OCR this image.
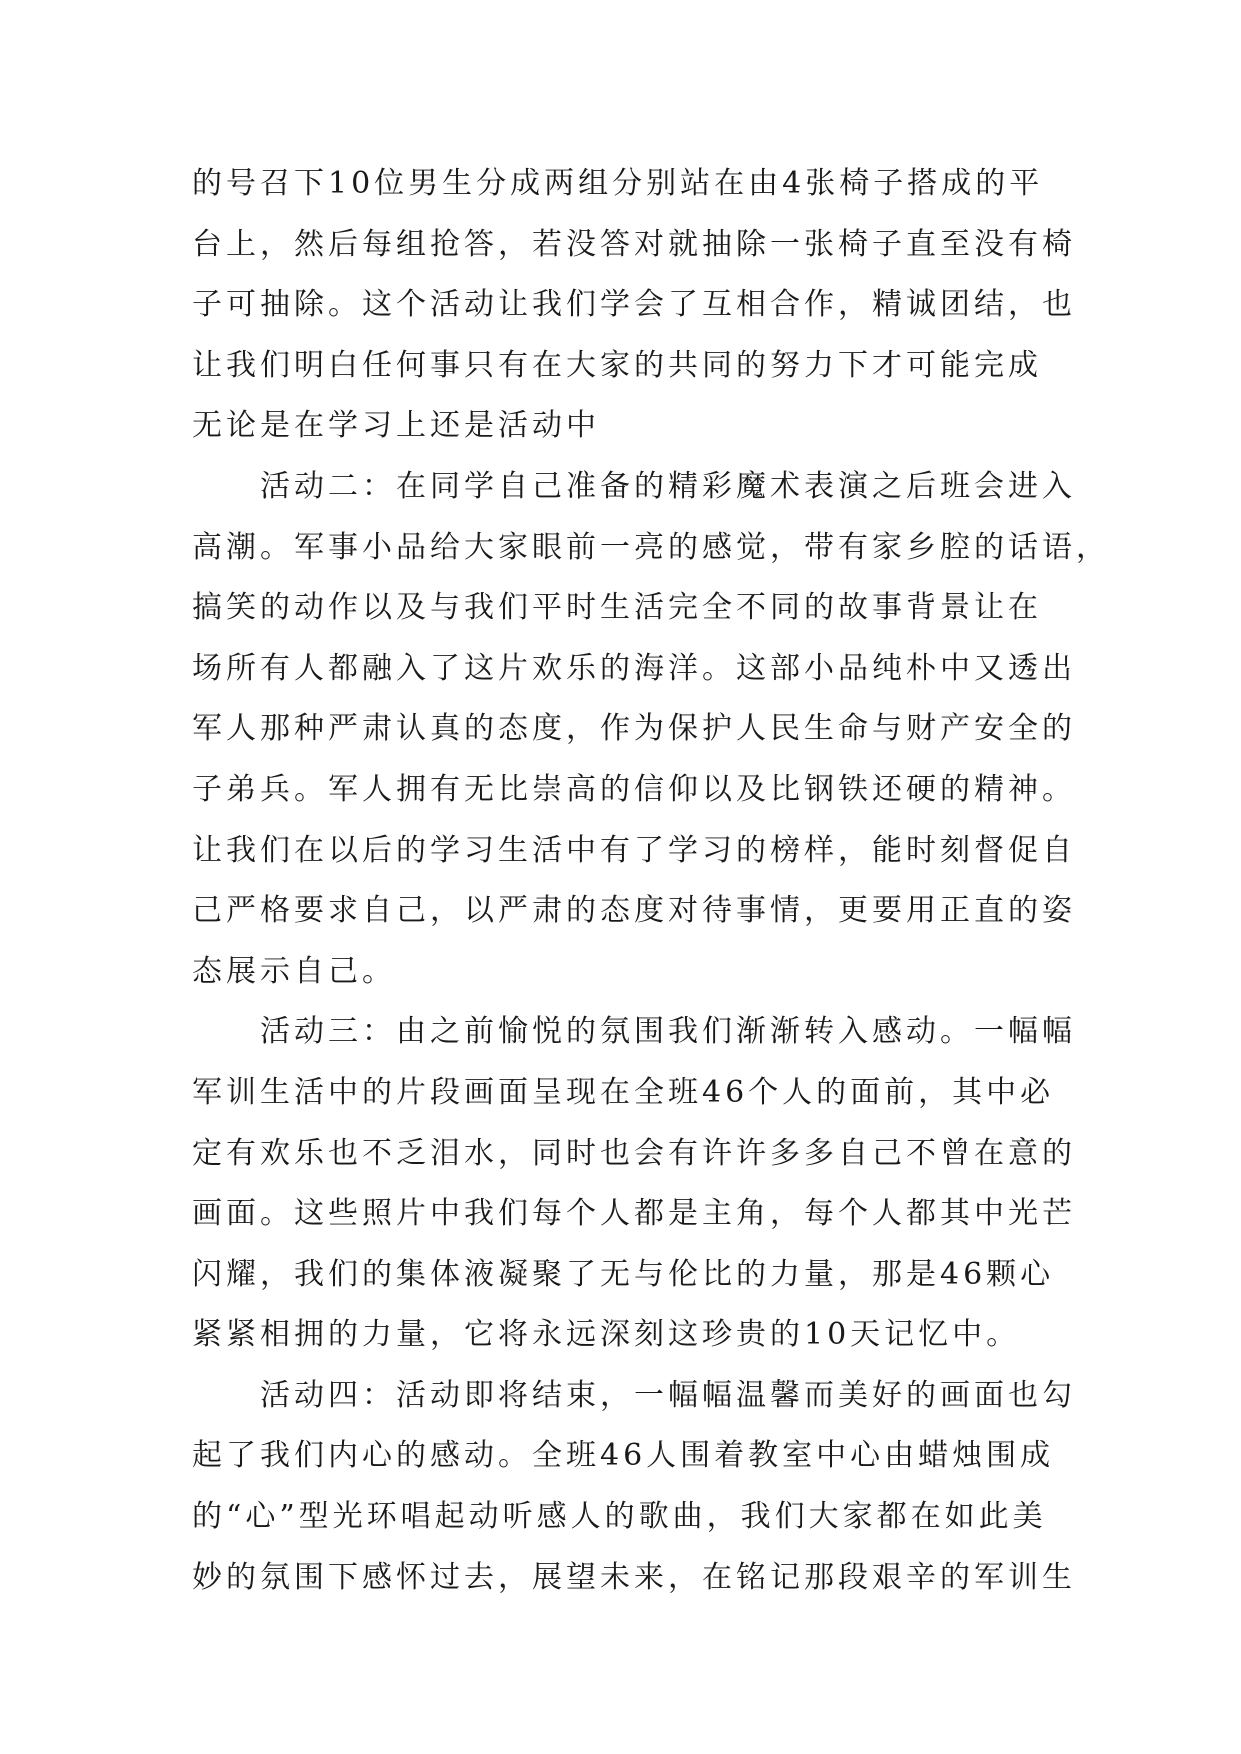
的号召下10位男生分成两组分别站在由4张椅子搭成的平
台上，然后每组抢答，若没答对就抽除一张椅子直至没有椅
子可抽除。这个活动让我们学会了互相合作，精诚团结，也
让我们明白任何事只有在大家的共同的努力下才可能完成
无论是在学习上还是活动中
　　活动二：在同学自己准备的精彩魔术表演之后班会进入
高潮。军事小品给大家眼前一亮的感觉，带有家乡腔的话语，
搞笑的动作以及与我们平时生活完全不同的故事背景让在
场所有人都融入了这片欢乐的海洋。这部小品纯朴中又透出
军人那种严肃认真的态度，作为保护人民生命与财产安全的
子弟兵。军人拥有无比崇高的信仰以及比钢铁还硬的精神。
让我们在以后的学习生活中有了学习的榜样，能时刻督促自
己严格要求自己，以严肃的态度对待事情，更要用正直的姿
态展示自己。
　　活动三：由之前愉悦的氛围我们渐渐转入感动。一幅幅
军训生活中的片段画面呈现在全班46个人的面前，其中必
定有欢乐也不乏泪水，同时也会有许许多多自己不曾在意的
画面。这些照片中我们每个人都是主角，每个人都其中光芒
闪耀，我们的集体液凝聚了无与伦比的力量，那是46颗心
紧紧相拥的力量，它将永远深刻这珍贵的10天记忆中。
　　活动四：活动即将结束，一幅幅温馨而美好的画面也勾
起了我们内心的感动。全班46人围着教室中心由蜡烛围成
的“心”型光环唱起动听感人的歌曲，我们大家都在如此美
妙的氛围下感怀过去，展望未来，在铭记那段艰辛的军训生
